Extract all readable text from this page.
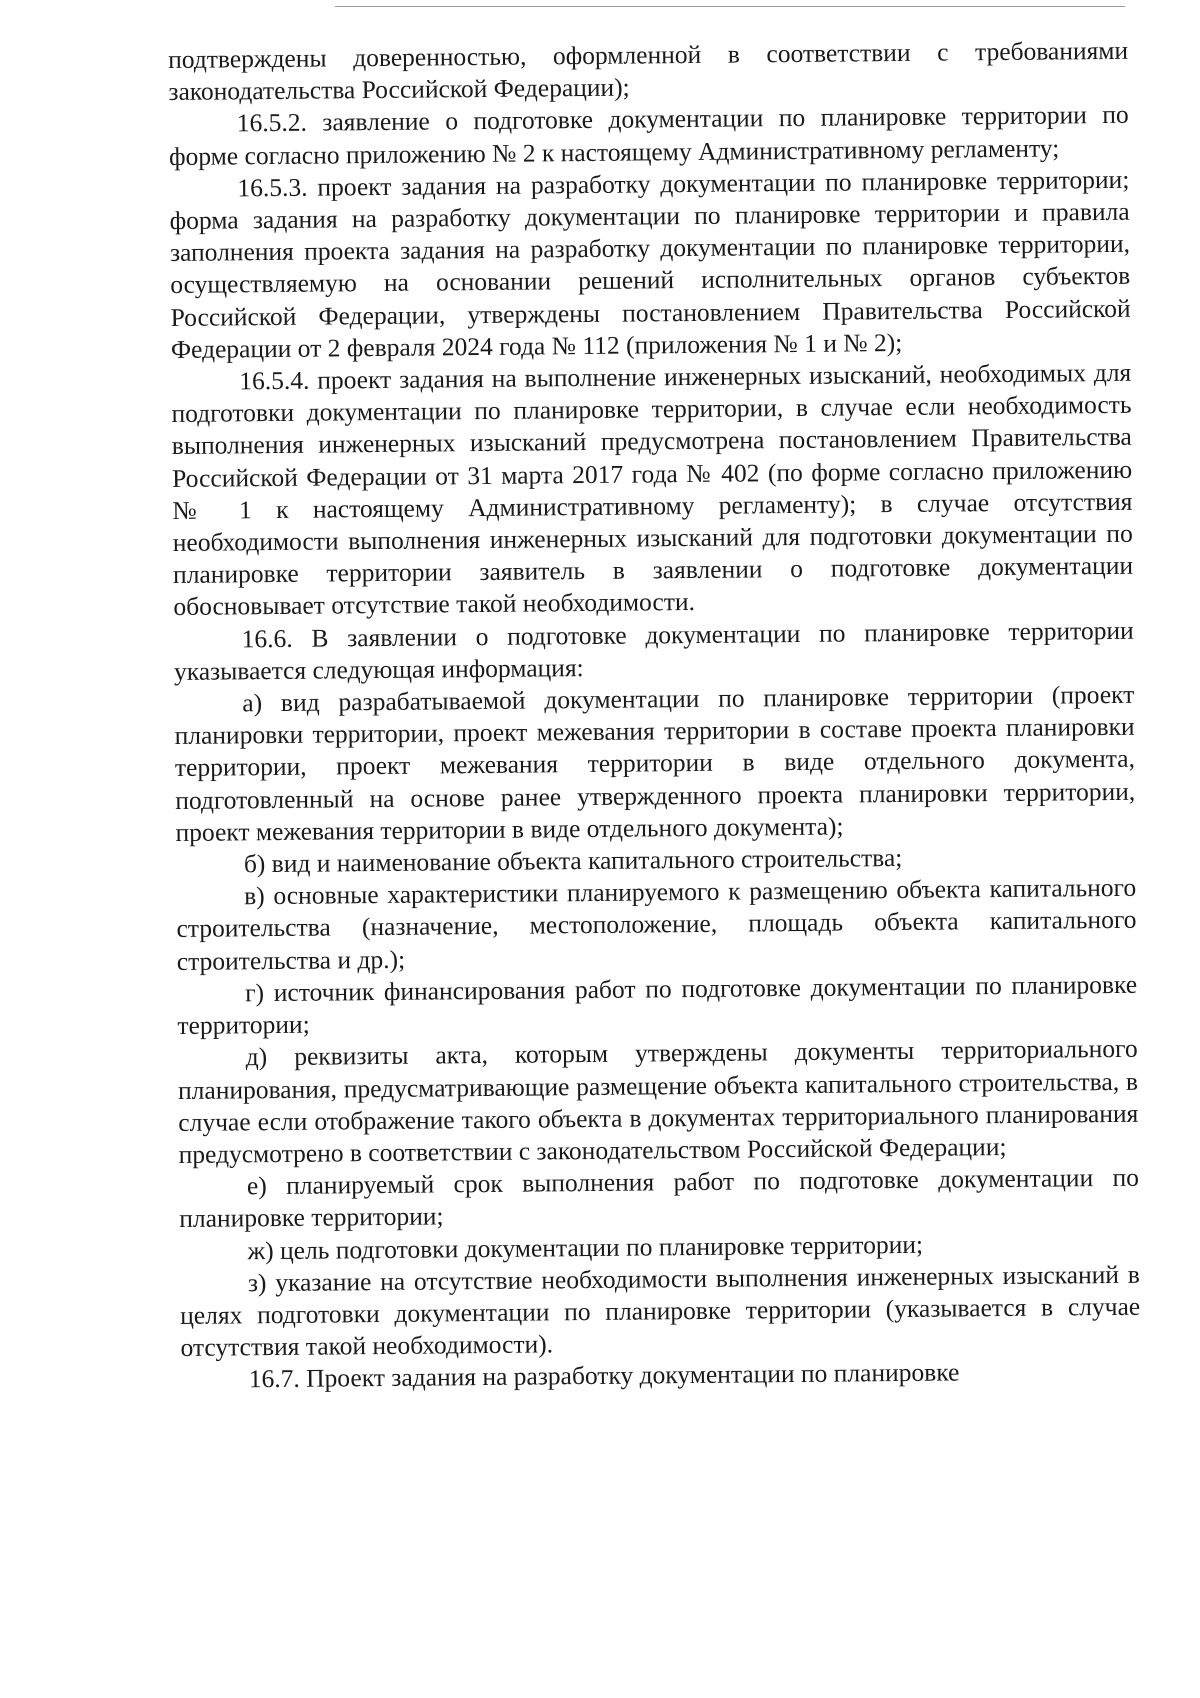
подтверждены доверенностью, оформленной в соответствии с требованиями законодательства Российской Федерации);

16.5.2. заявление о подготовке документации по планировке территории по форме согласно приложению № 2 к настоящему Административному регламенту;

16.5.3. проект задания на разработку документации по планировке территории; форма задания на разработку документации по планировке территории и правила заполнения проекта задания на разработку документации по планировке территории, осуществляемую на основании решений исполнительных органов субъектов Российской Федерации, утверждены постановлением Правительства Российской Федерации от 2 февраля 2024 года № 112 (приложения № 1 и № 2);

16.5.4. проект задания на выполнение инженерных изысканий, необходимых для подготовки документации по планировке территории, в случае если необходимость выполнения инженерных изысканий предусмотрена постановлением Правительства Российской Федерации от 31 марта 2017 года № 402 (по форме согласно приложению № 1 к настоящему Административному регламенту); в случае отсутствия необходимости выполнения инженерных изысканий для подготовки документации по планировке территории заявитель в заявлении о подготовке документации обосновывает отсутствие такой необходимости.

16.6. В заявлении о подготовке документации по планировке территории указывается следующая информация:

а) вид разрабатываемой документации по планировке территории (проект планировки территории, проект межевания территории в составе проекта планировки территории, проект межевания территории в виде отдельного документа, подготовленный на основе ранее утвержденного проекта планировки территории, проект межевания территории в виде отдельного документа);

б) вид и наименование объекта капитального строительства;

в) основные характеристики планируемого к размещению объекта капитального строительства (назначение, местоположение, площадь объекта капитального строительства и др.);

г) источник финансирования работ по подготовке документации по планировке территории;

д) реквизиты акта, которым утверждены документы территориального планирования, предусматривающие размещение объекта капитального строительства, в случае если отображение такого объекта в документах территориального планирования предусмотрено в соответствии с законодательством Российской Федерации;

е) планируемый срок выполнения работ по подготовке документации по планировке территории;

ж) цель подготовки документации по планировке территории;

з) указание на отсутствие необходимости выполнения инженерных изысканий в целях подготовки документации по планировке территории (указывается в случае отсутствия такой необходимости).

16.7. Проект задания на разработку документации по планировке
